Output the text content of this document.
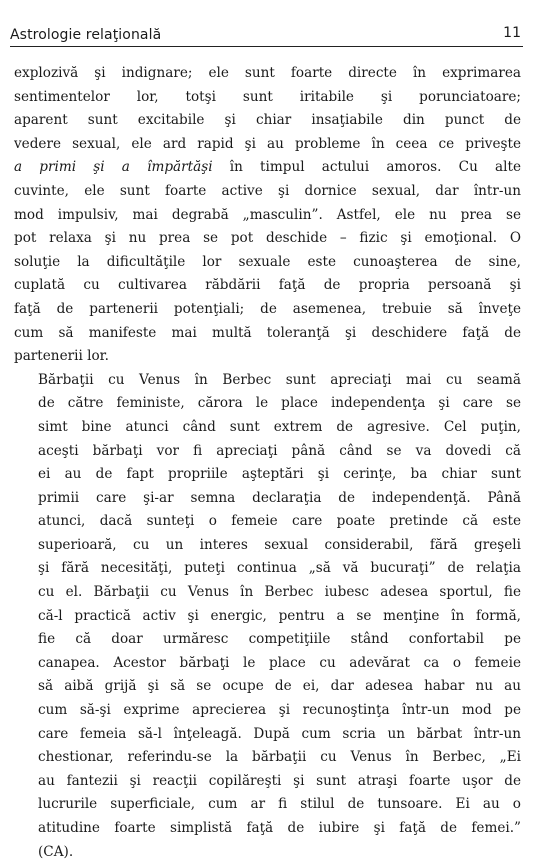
Astrologie relaţională	11

explozivă şi indignare; ele sunt foarte directe în exprimarea
sentimentelor lor, totşi sunt iritabile şi porunciatoare;
aparent sunt excitabile şi chiar insaţiabile din punct de
vedere sexual, ele ard rapid şi au probleme în ceea ce priveşte
a primi şi a împărtăşi în timpul actului amoros. Cu alte
cuvinte, ele sunt foarte active şi dornice sexual, dar într-un
mod impulsiv, mai degrabă „masculin”. Astfel, ele nu prea se
pot relaxa şi nu prea se pot deschide – fizic şi emoţional. O
soluţie la dificultăţile lor sexuale este cunoaşterea de sine,
cuplată cu cultivarea răbdării faţă de propria persoană şi
faţă de partenerii potenţiali; de asemenea, trebuie să înveţe
cum să manifeste mai multă toleranţă şi deschidere faţă de
partenerii lor.

Bărbaţii cu Venus în Berbec sunt apreciaţi mai cu seamă
de către feministe, cărora le place independenţa şi care se
simt bine atunci când sunt extrem de agresive. Cel puţin,
aceşti bărbaţi vor fi apreciaţi până când se va dovedi că
ei au de fapt propriile aşteptări şi cerinţe, ba chiar sunt
primii care şi-ar semna declaraţia de independenţă. Până
atunci, dacă sunteţi o femeie care poate pretinde că este
superioară, cu un interes sexual considerabil, fără greşeli
şi fără necesităţi, puteţi continua „să vă bucuraţi” de relaţia
cu el. Bărbaţii cu Venus în Berbec iubesc adesea sportul, fie
că-l practică activ şi energic, pentru a se menţine în formă,
fie că doar urmăresc competiţiile stând confortabil pe
canapea. Acestor bărbaţi le place cu adevărat ca o femeie
să aibă grijă şi să se ocupe de ei, dar adesea habar nu au
cum să-şi exprime aprecierea şi recunoştinţa într-un mod pe
care femeia să-l înţeleagă. După cum scria un bărbat într-un
chestionar, referindu-se la bărbaţii cu Venus în Berbec, „Ei
au fantezii şi reacţii copilăreşti şi sunt atraşi foarte uşor de
lucrurile superficiale, cum ar fi stilul de tunsoare. Ei au o
atitudine foarte simplistă faţă de iubire şi faţă de femei.”
(CA).
